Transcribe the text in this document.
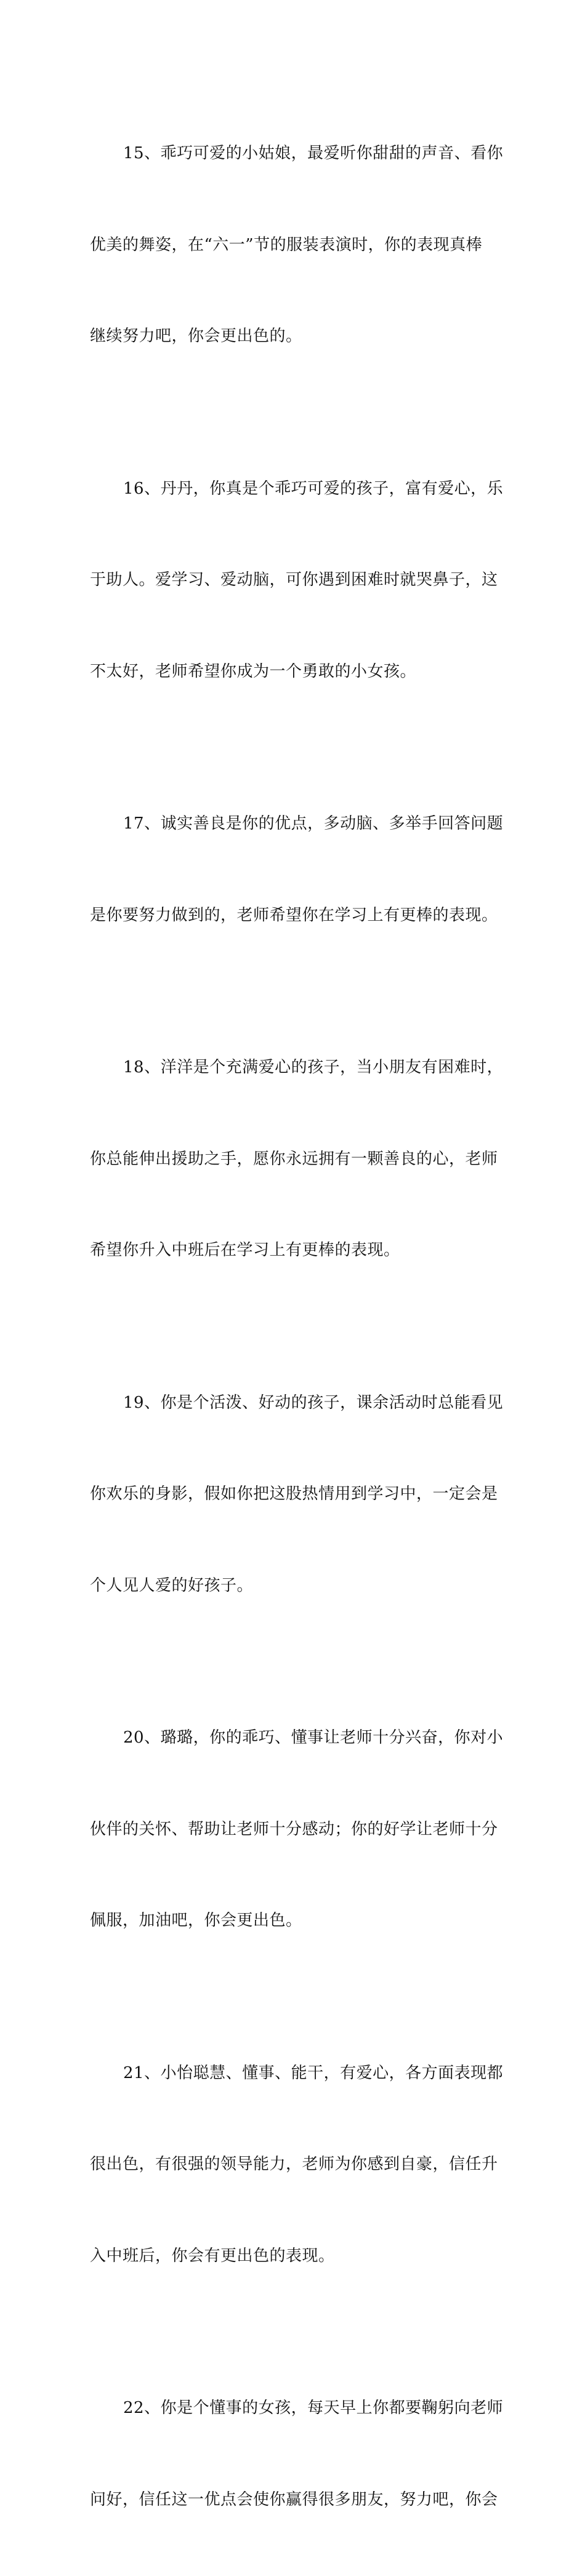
15、乖巧可爱的小姑娘，最爱听你甜甜的声音、看你

优美的舞姿，在“六一”节的服装表演时，你的表现真棒

继续努力吧，你会更出色的。

16、丹丹，你真是个乖巧可爱的孩子，富有爱心，乐

于助人。爱学习、爱动脑，可你遇到困难时就哭鼻子，这

不太好，老师希望你成为一个勇敢的小女孩。

17、诚实善良是你的优点，多动脑、多举手回答问题

是你要努力做到的，老师希望你在学习上有更棒的表现。

18、洋洋是个充满爱心的孩子，当小朋友有困难时，

你总能伸出援助之手，愿你永远拥有一颗善良的心，老师

希望你升入中班后在学习上有更棒的表现。

19、你是个活泼、好动的孩子，课余活动时总能看见

你欢乐的身影，假如你把这股热情用到学习中，一定会是

个人见人爱的好孩子。

20、璐璐，你的乖巧、懂事让老师十分兴奋，你对小

伙伴的关怀、帮助让老师十分感动；你的好学让老师十分

佩服，加油吧，你会更出色。

21、小怡聪慧、懂事、能干，有爱心，各方面表现都

很出色，有很强的领导能力，老师为你感到自豪，信任升

入中班后，你会有更出色的表现。

22、你是个懂事的女孩，每天早上你都要鞠躬向老师

问好，信任这一优点会使你赢得很多朋友，努力吧，你会
